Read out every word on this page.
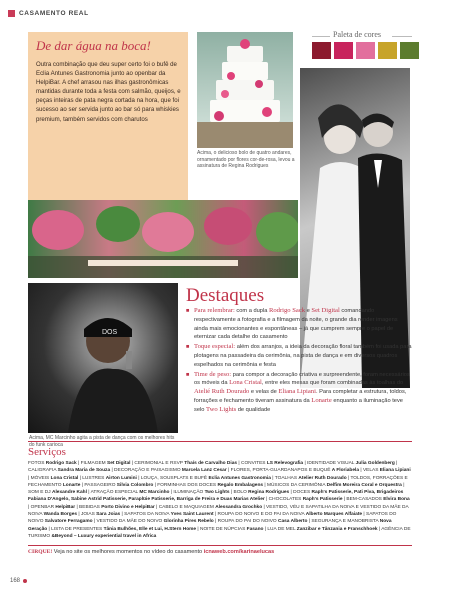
CASAMENTO REAL
De dar água na boca!
Outra combinação que deu super certo foi o bufê de Eclia Antunes Gastronomia junto ao openbar da HelpiBar. A chef arrasou nas ilhas gastronômicas mantidas durante toda a festa com salmão, queijos, e peças inteiras de pata negra cortada na hora, que foi sucesso ao ser servida junto ao bar só para whiskies premium, também servidos com charutos
Acima, o delicioso bolo de quatro andares, ornamentado por flores cor-de-rosa, levou a assinatura de Regina Rodrigues
Paleta de cores
DOS
Acima, MC Marcinho agita a pista de dança com os melhores hits do funk carioca
Destaques
■ Para relembrar: com a dupla Rodrigo Sack e Set Digital comandando respectivamente a fotografia e a filmagem da noite, o grande dia render imagens ainda mais emocionantes e espontâneas – já que cumprem sempre o papel de eternizar cada detalhe do casamento
■ Toque especial: além dos arranjos, a ideia da decoração floral também foi usada para plotagens na passadeira da cerimônia, na pista de dança e em diversos quadros espelhados na cerimônia e festa
■ Time de peso: para compor a decoração criativa e surpreendente, foram necessários os móveis da Lona Cristal, entre eles mesas que foram combinadas às toalhas do Atelié Ruth Dourado e velas de Eliana Lipiani. Para completar a estrutura, toldos, forrações e fechamento tiveram assinatura da Lonarte enquanto a iluminação teve selo Two Lights de qualidade
Serviços
FOTOS Rodrigo Sack | FILMAGEM Set Digital | CERIMONIAL E RSVP Thaís de Carvalho Dias | CONVITES LS Relevografia | IDENTIDADE VISUAL Julia Goldenberg | CALIGRAFIA Sandra Maria de Souza | DECORAÇÃO E PAISAGISMO Marcela Lanz Cesar | FLORES, PORTA-GUARDANAPOS E BUQUÊ A Floriabela | VELAS Eliana Lipiani | MÓVEIS Lona Cristal | LUSTRES Airton Lumini | LOUÇA, SOUSPLATS E BUFÊ Eclia Antunes Gastronomia | TOALHAS Atelier Ruth Dourado | TOLDOS, FORRAÇÕES E FECHAMENTO Lonarte | PASSAGEIRO Silvia Colombro | FORMINHAS DOS DOCES Regalo Embalagens | MÚSICOS DA CERIMÔNIA Delfim Moreira Coral e Orquestra | SOM E DJ Alexandre Kahl | ATRAÇÃO ESPECIAL MC Marcinho | ILUMINAÇÃO Two Lights | BOLO Regina Rodrigues | DOCES Raph's Patisserie, Pati Piva, Brigadeiros Fabiana D'Angelo, Sabine Astrid Patisserie, Paraplüie Patisserie, Barriga de Freira e Duas Marias Atelier | CHOCOLATES Raph's Patisserie | BEM-CASADOS Elvira Bona | OPENBAR HelpiBar | BEBIDAS Porto Divino e HelpiBar | CABELO E MAQUIAGEM Alessandra Grochko | VESTIDO, VÉU E SAPATILHA DA NOIVA E VESTIDO DA MÃE DA NOIVA Wanda Borges | JOIAS Sara Joias | SAPATOS DA NOIVA Yves Saint Laurent | ROUPA DO NOIVO E DO PAI DA NOIVA Alberto Marques Alfaiate | SAPATOS DO NOIVO Salvatore Ferragamo | VESTIDO DA MÃE DO NOIVO Glorinha Pires Rebelo | ROUPA DO PAI DO NOIVO Casa Alberto | SEGURANÇA E MANOBRISTA Nova Geração | LISTA DE PRESENTES Tânia Bulhões, Elle et Lui, H.Stern Home | NOITE DE NÚPCIAS Fasano | LUA DE MEL Zanzibar e Tânzania e Franschhoek | AGÊNCIA DE TURISMO &Beyond – Luxury experiential travel in Africa
CIRQUE! Veja no site os melhores momentos no vídeo do casamento icnaweb.com/karinaelucas
168
